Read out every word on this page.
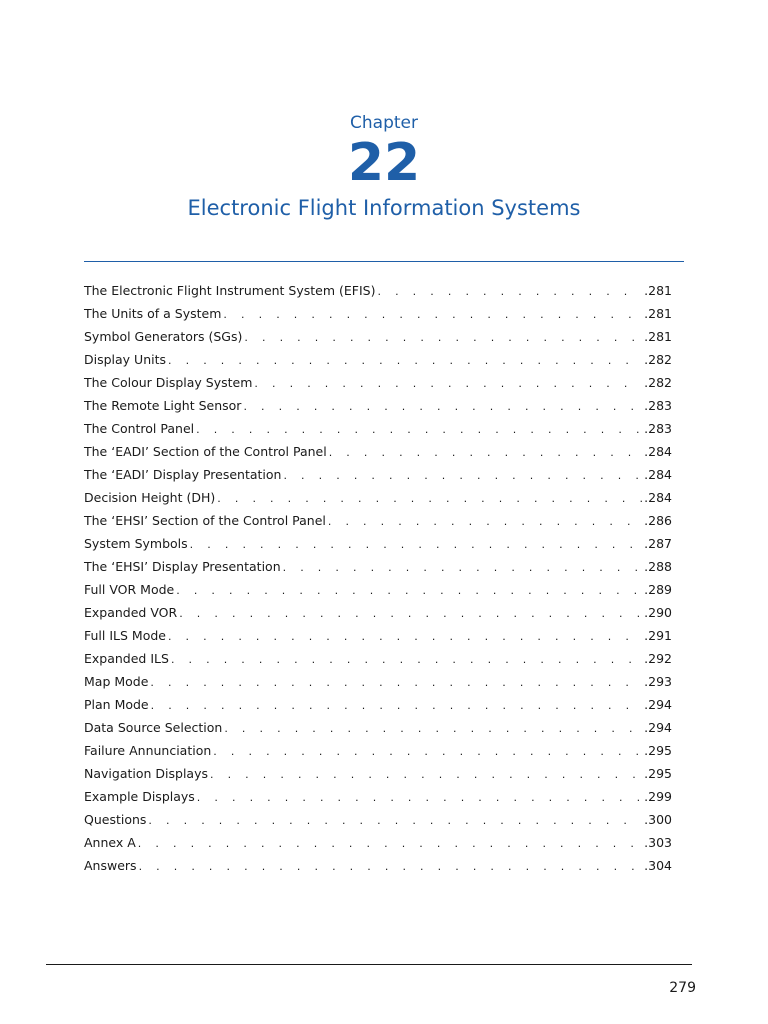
Chapter
22
Electronic Flight Information Systems
The Electronic Flight Instrument System (EFIS) . . .	.281
The Units of a System . . .	.281
Symbol Generators (SGs) . . .	.281
Display Units . . .	.282
The Colour Display System . . .	.282
The Remote Light Sensor . . .	.283
The Control Panel . . .	.283
The ‘EADI’ Section of the Control Panel . . .	.284
The ‘EADI’ Display Presentation . . .	.284
Decision Height (DH) . . .	.284
The ‘EHSI’ Section of the Control Panel . . .	.286
System Symbols . . .	.287
The ‘EHSI’ Display Presentation . . .	.288
Full VOR Mode . . .	.289
Expanded VOR . . .	.290
Full ILS Mode . . .	.291
Expanded ILS . . .	.292
Map Mode . . .	.293
Plan Mode . . .	.294
Data Source Selection . . .	.294
Failure Annunciation . . .	.295
Navigation Displays . . .	.295
Example Displays . . .	.299
Questions . . .	.300
Annex A . . .	.303
Answers . . .	.304
279
